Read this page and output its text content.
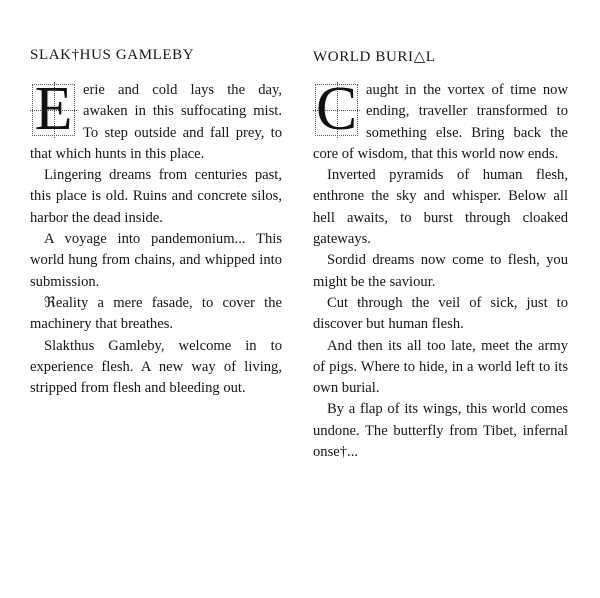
SLAK†HUS GAMLEBY

E erie and cold lays the day, awaken in this suffocating mist. To step outside and fall prey, to that which hunts in this place.

Lingering dreams from centuries past, this place is old. Ruins and concrete silos, harbor the dead inside.

A voyage into pandemonium... This world hung from chains, and whipped into submission.

ℜeality a mere fasade, to cover the machinery that breathes.

Slakthus Gamleby, welcome in to experience flesh. A new way of living, stripped from flesh and bleeding out.

WORLD BURI△L

C aught in the vortex of time now ending, traveller transformed to something else. Bring back the core of wisdom, that this world now ends.

Inverted pyramids of human flesh, enthrone the sky and whisper. Below all hell awaits, to burst through cloaked gateways.

Sordid dreams now come to flesh, you might be the saviour.

Cut ŧhrough the veil of sick, just to discover but human flesh.

And then its all too late, meet the army of pigs. Where to hide, in a world left to its own burial.

By a flap of its wings, this world comes undone. The butterfly from Tibet, infernal onse†...
